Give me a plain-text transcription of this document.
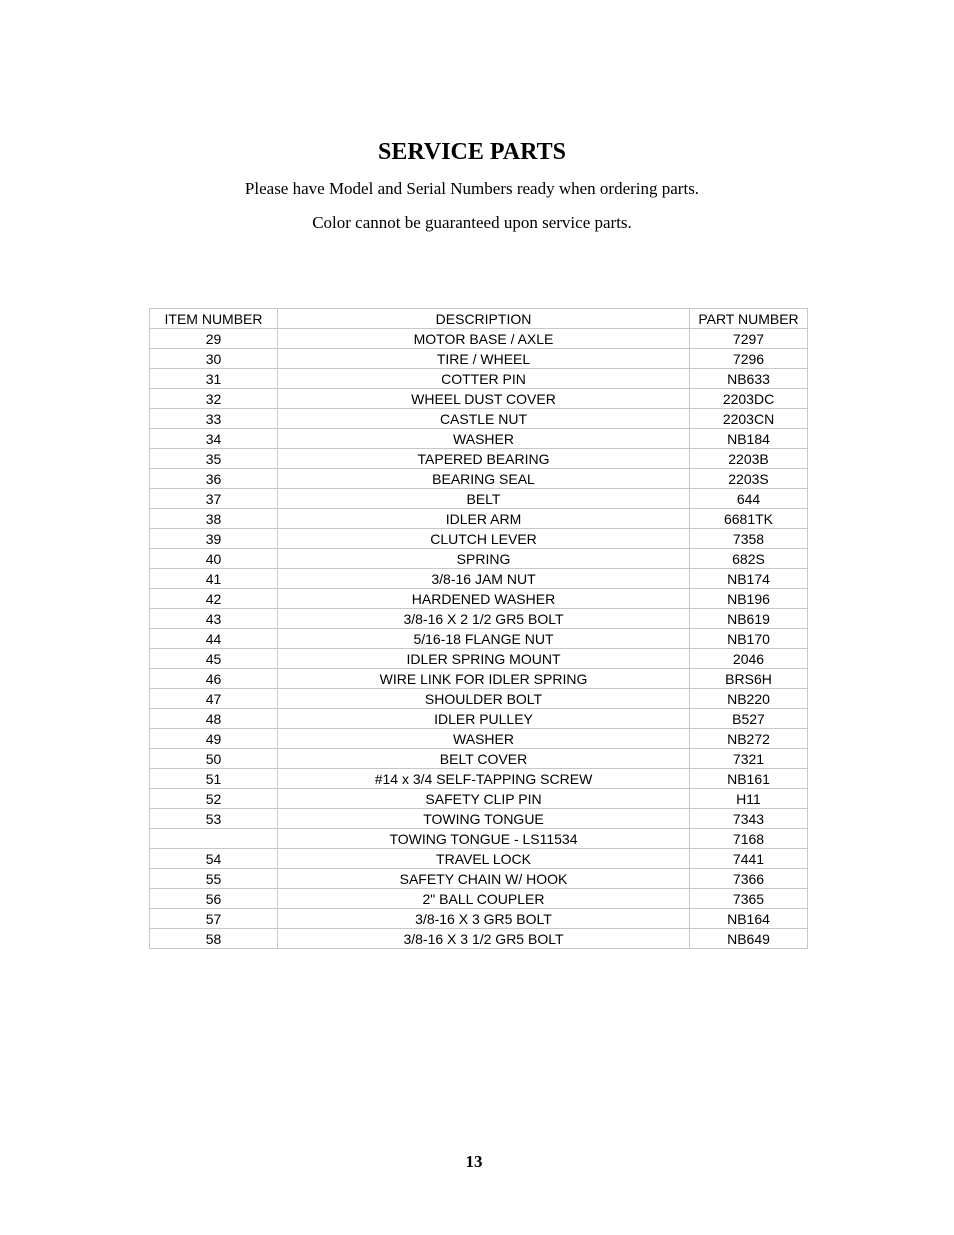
SERVICE PARTS
Please have Model and Serial Numbers ready when ordering parts.
Color cannot be guaranteed upon service parts.
ITEM NUMBER	DESCRIPTION	PART NUMBER
29	MOTOR BASE / AXLE	7297
30	TIRE / WHEEL	7296
31	COTTER PIN	NB633
32	WHEEL DUST COVER	2203DC
33	CASTLE NUT	2203CN
34	WASHER	NB184
35	TAPERED BEARING	2203B
36	BEARING SEAL	2203S
37	BELT	644
38	IDLER ARM	6681TK
39	CLUTCH LEVER	7358
40	SPRING	682S
41	3/8-16 JAM NUT	NB174
42	HARDENED WASHER	NB196
43	3/8-16 X 2 1/2 GR5 BOLT	NB619
44	5/16-18 FLANGE NUT	NB170
45	IDLER SPRING MOUNT	2046
46	WIRE LINK FOR IDLER SPRING	BRS6H
47	SHOULDER BOLT	NB220
48	IDLER PULLEY	B527
49	WASHER	NB272
50	BELT COVER	7321
51	#14 x 3/4 SELF-TAPPING SCREW	NB161
52	SAFETY CLIP PIN	H11
53	TOWING TONGUE	7343
	TOWING TONGUE - LS11534	7168
54	TRAVEL LOCK	7441
55	SAFETY CHAIN W/ HOOK	7366
56	2" BALL COUPLER	7365
57	3/8-16 X 3 GR5 BOLT	NB164
58	3/8-16 X 3 1/2 GR5 BOLT	NB649
13
